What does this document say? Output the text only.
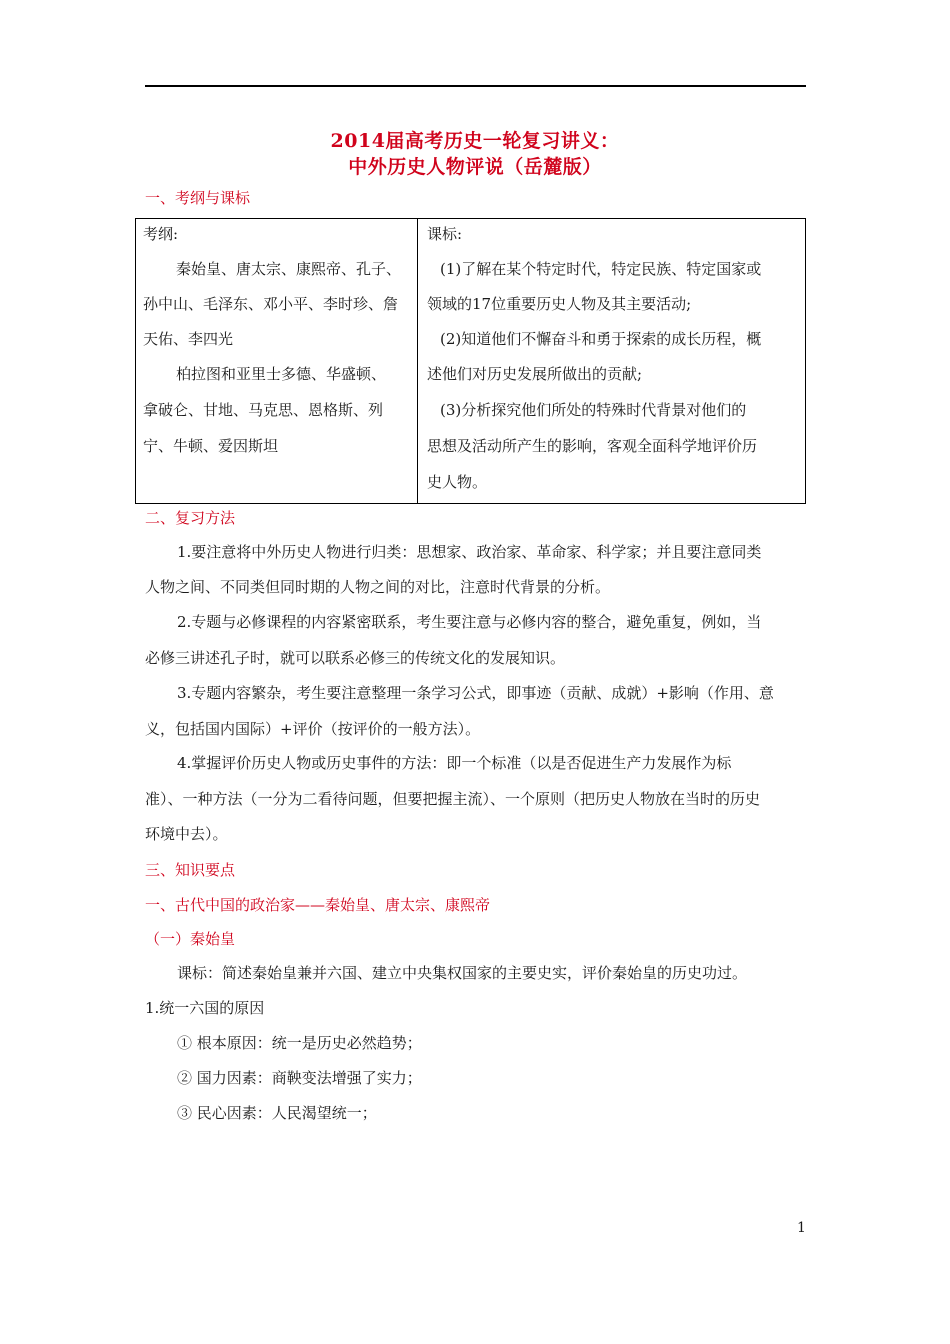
2014届高考历史一轮复习讲义：
中外历史人物评说（岳麓版）
一、考纲与课标
考纲:
秦始皇、唐太宗、康熙帝、孔子、
孙中山、毛泽东、邓小平、李时珍、詹
天佑、李四光
柏拉图和亚里士多德、华盛顿、
拿破仑、甘地、马克思、恩格斯、列
宁、牛顿、爱因斯坦

课标:
(1)了解在某个特定时代，特定民族、特定国家或
领域的17位重要历史人物及其主要活动;
(2)知道他们不懈奋斗和勇于探索的成长历程，概
述他们对历史发展所做出的贡献;
(3)分析探究他们所处的特殊时代背景对他们的
思想及活动所产生的影响，客观全面科学地评价历
史人物。
二、复习方法
1.要注意将中外历史人物进行归类：思想家、政治家、革命家、科学家；并且要注意同类
人物之间、不同类但同时期的人物之间的对比，注意时代背景的分析。
2.专题与必修课程的内容紧密联系，考生要注意与必修内容的整合，避免重复，例如，当
必修三讲述孔子时，就可以联系必修三的传统文化的发展知识。
3.专题内容繁杂，考生要注意整理一条学习公式，即事迹（贡献、成就）+影响（作用、意
义，包括国内国际）+评价（按评价的一般方法）。
4.掌握评价历史人物或历史事件的方法：即一个标准（以是否促进生产力发展作为标
准）、一种方法（一分为二看待问题，但要把握主流）、一个原则（把历史人物放在当时的历史
环境中去）。
三、知识要点
一、古代中国的政治家——秦始皇、唐太宗、康熙帝
（一）秦始皇
课标：简述秦始皇兼并六国、建立中央集权国家的主要史实，评价秦始皇的历史功过。
1.统一六国的原因
① 根本原因：统一是历史必然趋势；
② 国力因素：商鞅变法增强了实力；
③ 民心因素：人民渴望统一；
1
